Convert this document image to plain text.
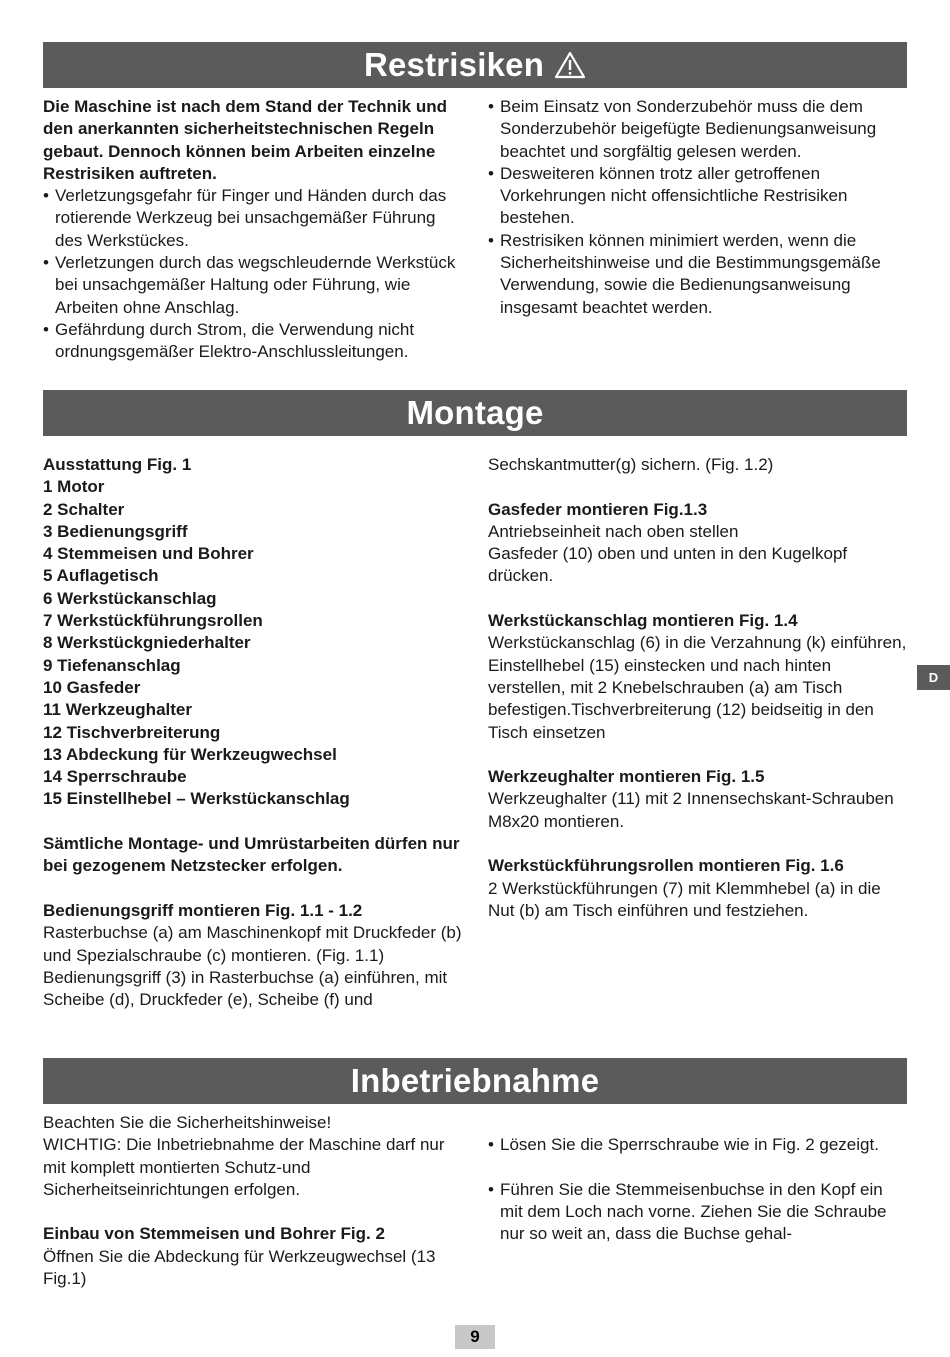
Restrisiken

Die Maschine ist nach dem Stand der Technik und den anerkannten sicherheitstechnischen Regeln gebaut. Dennoch können beim Arbeiten einzelne Restrisiken auftreten.

• Verletzungsgefahr für Finger und Händen durch das rotierende Werkzeug bei unsachgemäßer Führung des Werkstückes.
• Verletzungen durch das wegschleudernde Werkstück bei unsachgemäßer Haltung oder Führung, wie Arbeiten ohne Anschlag.
• Gefährdung durch Strom, die Verwendung nicht ordnungsgemäßer Elektro-Anschlussleitungen.
• Beim Einsatz von Sonderzubehör muss die dem Sonderzubehör beigefügte Bedienungsanweisung beachtet und sorgfältig gelesen werden.
• Desweiteren können trotz aller getroffenen Vorkehrungen nicht offensichtliche Restrisiken bestehen.
• Restrisiken können minimiert werden, wenn die Sicherheitshinweise und die Bestimmungsgemäße Verwendung, sowie die Bedienungsanweisung insgesamt beachtet werden.
Montage

Ausstattung Fig. 1

1 Motor

2 Schalter

3 Bedienungsgriff

4 Stemmeisen und Bohrer

5 Auflagetisch

6 Werkstückanschlag

7 Werkstückführungsrollen

8 Werkstückgniederhalter

9 Tiefenanschlag

10 Gasfeder

11 Werkzeughalter

12 Tischverbreiterung

13 Abdeckung für Werkzeugwechsel

14 Sperrschraube

15 Einstellhebel – Werkstückanschlag

Sämtliche Montage- und Umrüstarbeiten dürfen nur bei gezogenem Netzstecker erfolgen.

Bedienungsgriff montieren Fig. 1.1 - 1.2

Rasterbuchse (a) am Maschinenkopf mit Druckfeder (b)

und Spezialschraube (c) montieren. (Fig. 1.1)

Bedienungsgriff (3) in Rasterbuchse (a) einführen, mit Scheibe (d), Druckfeder (e), Scheibe (f) und

Sechskantmutter(g) sichern. (Fig. 1.2)

Gasfeder montieren Fig.1.3

Antriebseinheit nach oben stellen

Gasfeder (10) oben und unten in den Kugelkopf drücken.

Werkstückanschlag montieren Fig. 1.4

Werkstückanschlag (6) in die Verzahnung (k) einführen,

Einstellhebel (15) einstecken und nach hinten verstellen, mit 2 Knebelschrauben (a) am Tisch befestigen.Tischverbreiterung (12) beidseitig in den Tisch einsetzen

Werkzeughalter montieren Fig. 1.5

Werkzeughalter (11) mit 2 Innensechskant-Schrauben M8x20 montieren.

Werkstückführungsrollen montieren Fig. 1.6

2 Werkstückführungen (7) mit Klemmhebel (a) in die Nut (b) am Tisch einführen und festziehen.

D
Inbetriebnahme

Beachten Sie die Sicherheitshinweise!

WICHTIG: Die Inbetriebnahme der Maschine darf nur mit komplett montierten Schutz-und Sicherheitseinrichtungen erfolgen.

Einbau von Stemmeisen und Bohrer Fig. 2

Öffnen Sie die Abdeckung für Werkzeugwechsel (13 Fig.1)

• Lösen Sie die Sperrschraube wie in Fig. 2 gezeigt.
• Führen Sie die Stemmeisenbuchse in den Kopf ein mit dem Loch nach vorne. Ziehen Sie die Schraube nur so weit an, dass die Buchse gehal-
9
